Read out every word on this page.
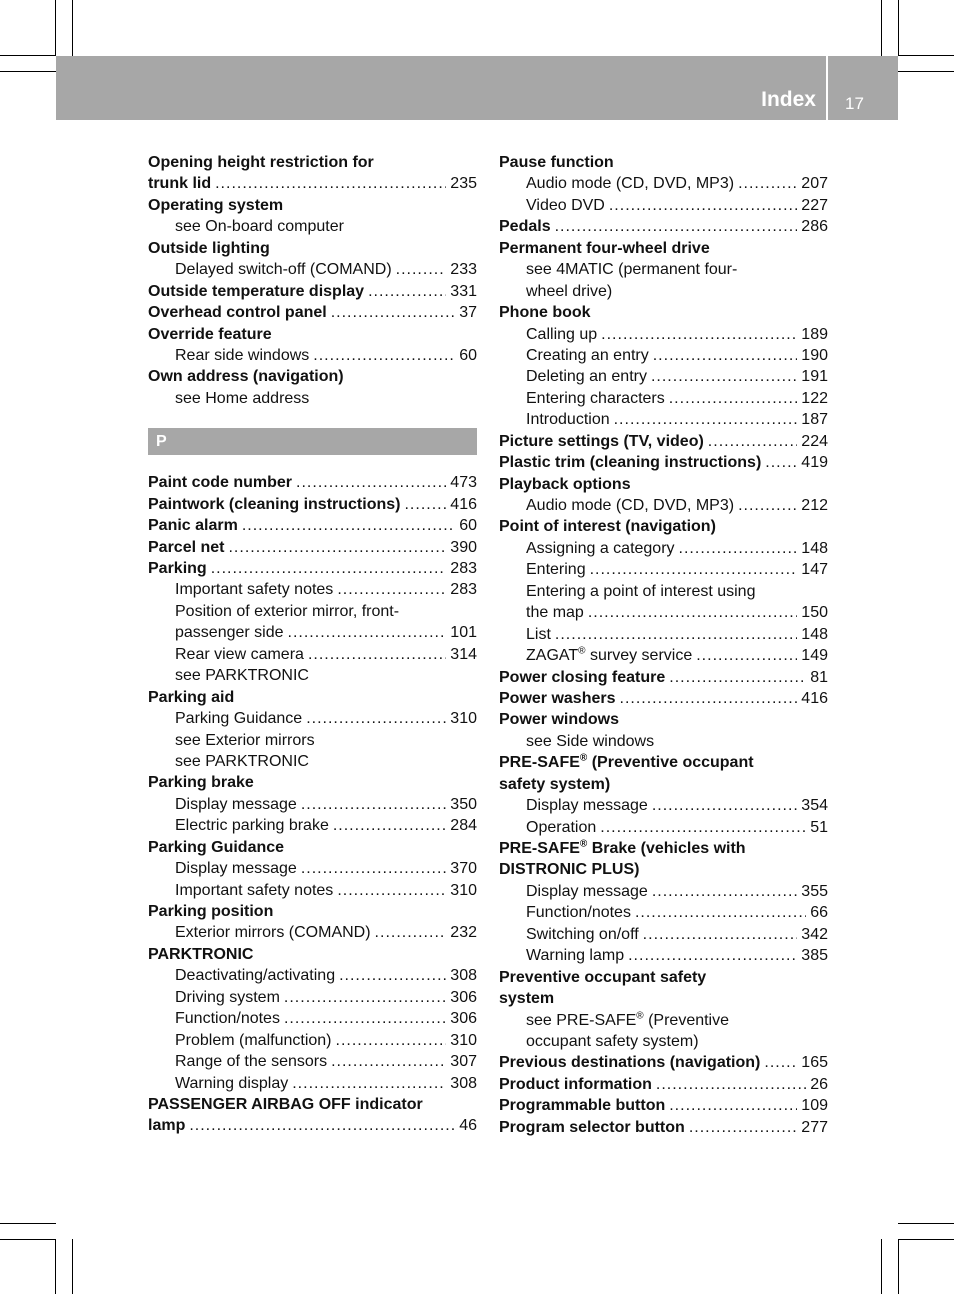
Index 17
Opening height restriction for
trunk lid .....	235
Operating system
see On-board computer
Outside lighting
Delayed switch-off (COMAND) .....	233
Outside temperature display .....	331
Overhead control panel .....	37
Override feature
Rear side windows .....	60
Own address (navigation)
see Home address
P
Paint code number .....	473
Paintwork (cleaning instructions) .....	416
Panic alarm .....	60
Parcel net .....	390
Parking .....	283
Important safety notes .....	283
Position of exterior mirror, front-
passenger side .....	101
Rear view camera .....	314
see PARKTRONIC
Parking aid
Parking Guidance .....	310
see Exterior mirrors
see PARKTRONIC
Parking brake
Display message .....	350
Electric parking brake .....	284
Parking Guidance
Display message .....	370
Important safety notes .....	310
Parking position
Exterior mirrors (COMAND) .....	232
PARKTRONIC
Deactivating/activating .....	308
Driving system .....	306
Function/notes .....	306
Problem (malfunction) .....	310
Range of the sensors .....	307
Warning display .....	308
PASSENGER AIRBAG OFF indicator
lamp .....	46
Pause function
Audio mode (CD, DVD, MP3) .....	207
Video DVD .....	227
Pedals .....	286
Permanent four-wheel drive
see 4MATIC (permanent four-
wheel drive)
Phone book
Calling up .....	189
Creating an entry .....	190
Deleting an entry .....	191
Entering characters .....	122
Introduction .....	187
Picture settings (TV, video) .....	224
Plastic trim (cleaning instructions) .....	419
Playback options
Audio mode (CD, DVD, MP3) .....	212
Point of interest (navigation)
Assigning a category .....	148
Entering .....	147
Entering a point of interest using
the map .....	150
List .....	148
ZAGAT® survey service .....	149
Power closing feature .....	81
Power washers .....	416
Power windows
see Side windows
PRE-SAFE® (Preventive occupant
safety system)
Display message .....	354
Operation .....	51
PRE-SAFE® Brake (vehicles with
DISTRONIC PLUS)
Display message .....	355
Function/notes .....	66
Switching on/off .....	342
Warning lamp .....	385
Preventive occupant safety
system
see PRE-SAFE® (Preventive
occupant safety system)
Previous destinations (navigation) .....	165
Product information .....	26
Programmable button .....	109
Program selector button .....	277
